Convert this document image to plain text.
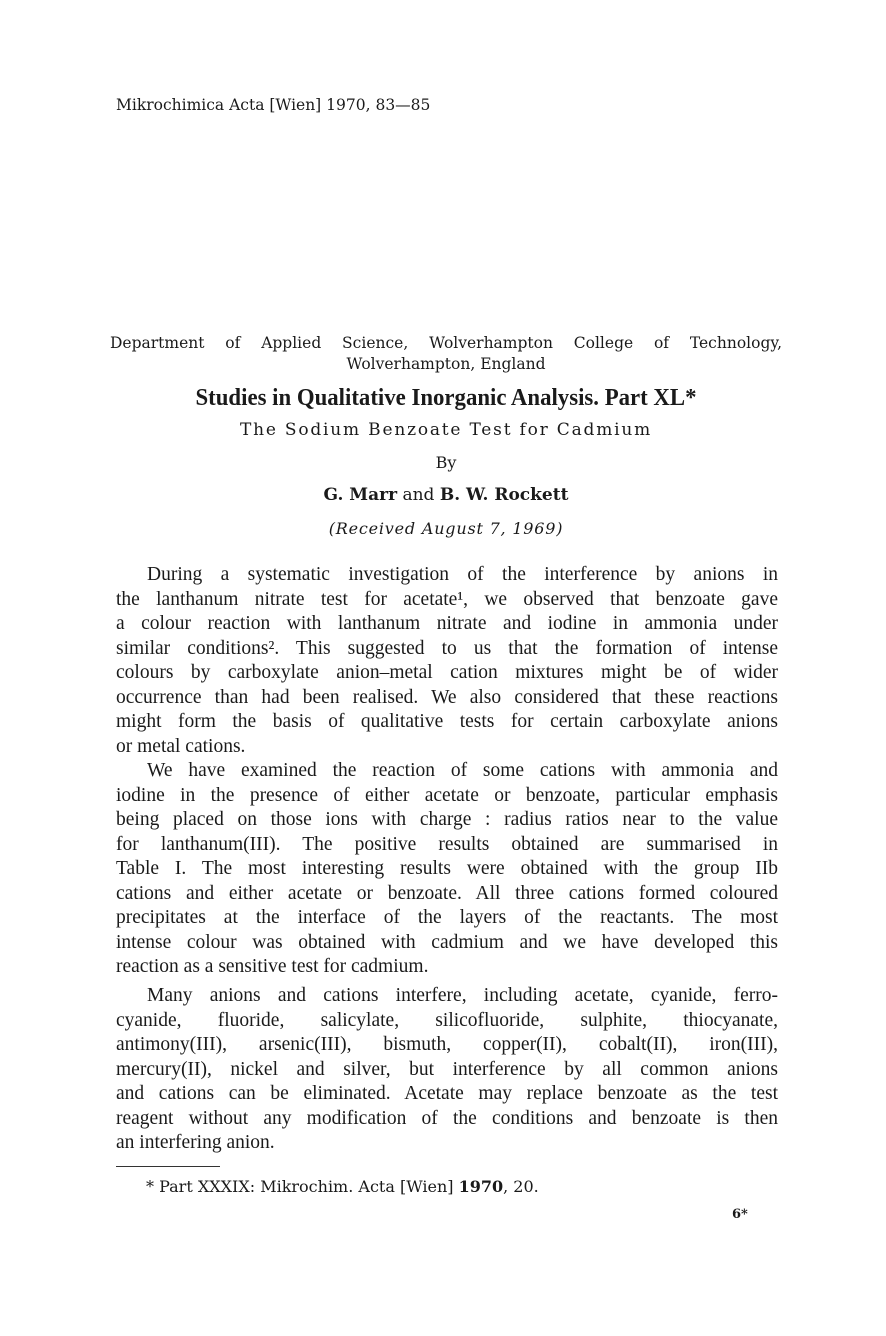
Mikrochimica Acta [Wien] 1970, 83—85
Department of Applied Science, Wolverhampton College of Technology,
Wolverhampton, England
Studies in Qualitative Inorganic Analysis. Part XL*
The Sodium Benzoate Test for Cadmium
By
G. Marr and B. W. Rockett
(Received August 7, 1969)
During a systematic investigation of the interference by anions in
the lanthanum nitrate test for acetate¹, we observed that benzoate gave
a colour reaction with lanthanum nitrate and iodine in ammonia under
similar conditions². This suggested to us that the formation of intense
colours by carboxylate anion–metal cation mixtures might be of wider
occurrence than had been realised. We also considered that these reactions
might form the basis of qualitative tests for certain carboxylate anions
or metal cations.
We have examined the reaction of some cations with ammonia and
iodine in the presence of either acetate or benzoate, particular emphasis
being placed on those ions with charge : radius ratios near to the value
for lanthanum(III). The positive results obtained are summarised in
Table I. The most interesting results were obtained with the group IIb
cations and either acetate or benzoate. All three cations formed coloured
precipitates at the interface of the layers of the reactants. The most
intense colour was obtained with cadmium and we have developed this
reaction as a sensitive test for cadmium.
Many anions and cations interfere, including acetate, cyanide, ferro-
cyanide, fluoride, salicylate, silicofluoride, sulphite, thiocyanate,
antimony(III), arsenic(III), bismuth, copper(II), cobalt(II), iron(III),
mercury(II), nickel and silver, but interference by all common anions
and cations can be eliminated. Acetate may replace benzoate as the test
reagent without any modification of the conditions and benzoate is then
an interfering anion.
* Part XXXIX: Mikrochim. Acta [Wien] 1970, 20.
6*
